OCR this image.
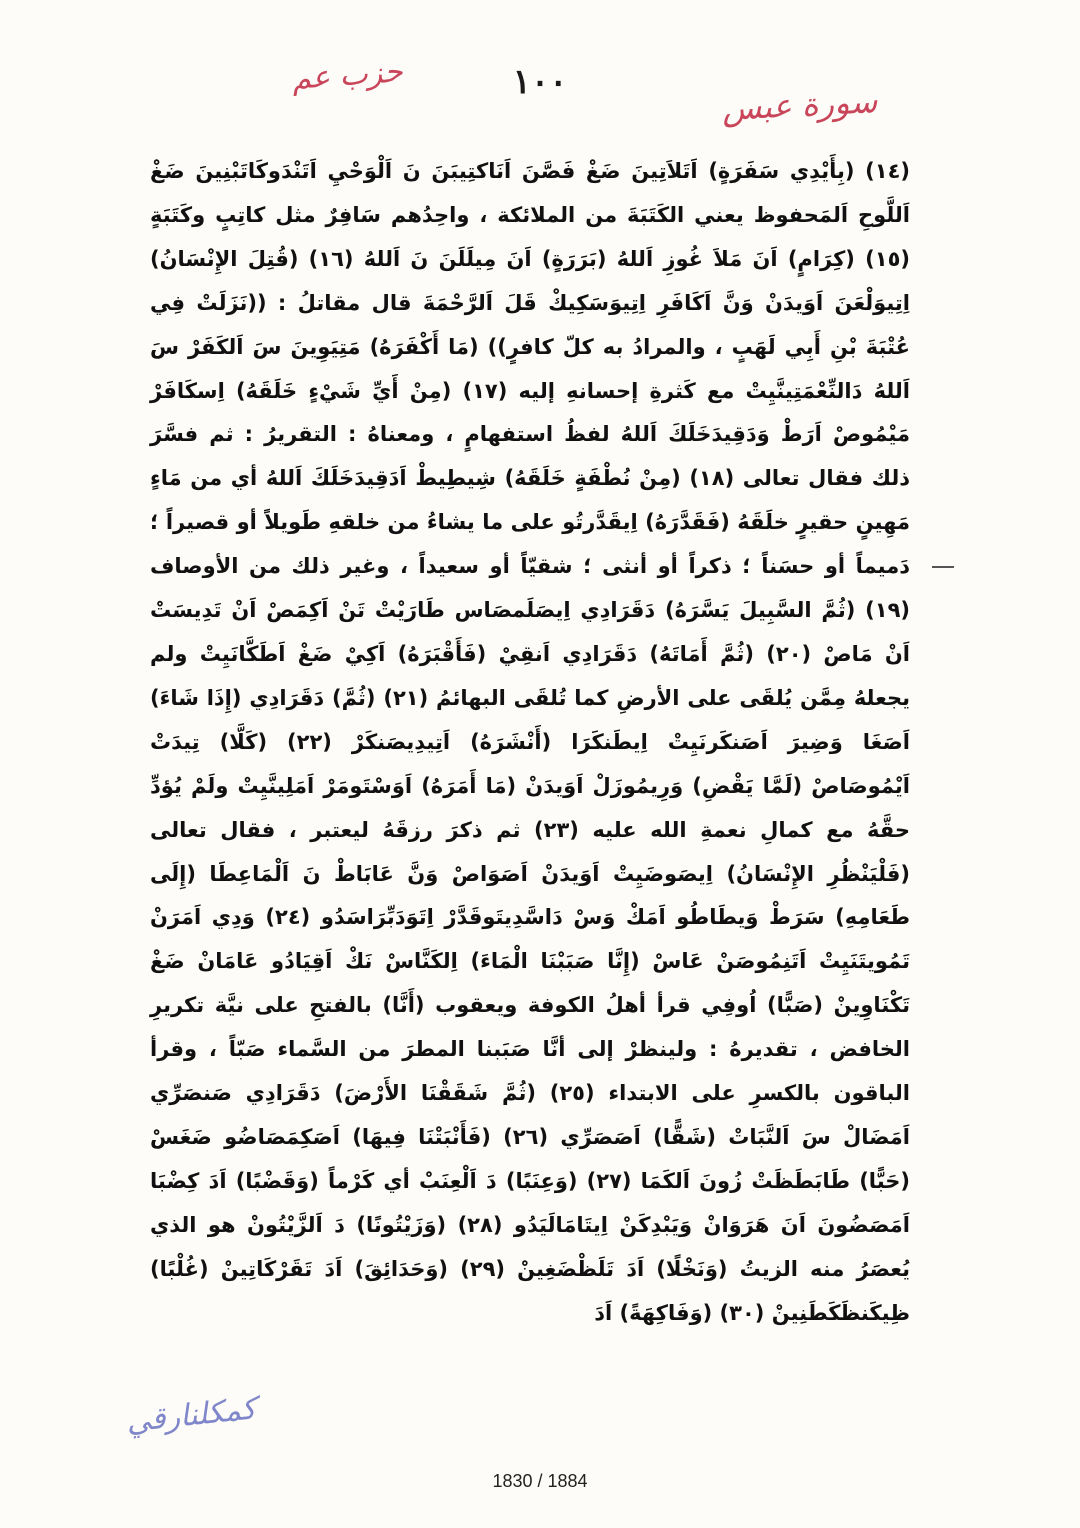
١٠٠
حزب عم
سورة عبس
(١٤) (بِأَيْدِي سَفَرَةٍ) اَتَلاَتِينَ ضَغْ فَصَّنَ اَنَاكتِيبَنَ نَ اَلْوَحْيِ اَتَنْدَوكَاتَبْنِينَ ضَغْ اَللَّوحِ اَلمَحفوظ يعني الكَتَبَةَ من الملائكة ، واحِدُهم سَافِرٌ مثل كاتِبٍ وكَتَبَةٍ (١٥) (كِرَامٍ) اَنَ مَلاَ غُوزِ اَللهُ (بَرَرَةٍ) اَنَ مِيلَلَنَ نَ اَللهُ (١٦) (قُتِلَ الإِنْسَانُ) اِتِيوَلْعَنَ اَوَيدَنْ وَنَّ اَكَافَرِ اِتِيوَسَكِيكْ قَلَ اَلرَّحْمَةَ قال مقاتلُ : ((نَزَلَتْ فِي عُتْبَةَ بْنِ أَبِي لَهَبٍ ، والمرادُ به كلّ كافرٍ)) (مَا أَكْفَرَهُ) مَتِيَوِينَ سَ اَلكَفَرْ سَ اَللهُ دَالنِّعْمَتِينَّيِتْ مع كَثرةِ إحسانهِ إليه (١٧) (مِنْ أَيِّ شَيْءٍ خَلَقَهُ) اِسكَافَرْ مَيْمُوصْ اَرَطْ وَدَقِيدَخَلَكَ اَللهُ لفظُ استفهامٍ ، ومعناهُ : التقريرُ : ثم فسَّرَ ذلك فقال تعالى (١٨) (مِنْ نُطْفَةٍ خَلَقَهُ) شِيطِيطْ اَدَقِيدَخَلَكَ اَللهُ أي من مَاءٍ مَهِينٍ حقيرٍ خلَقَهُ (فَقَدَّرَهُ) اِيقَدَّرتُو على ما يشاءُ من خلقهِ طَويلاً أو قصيراً ؛ دَميماً أو حسَناً ؛ ذكراً أو أنثى ؛ شقيّاً أو سعيداً ، وغير ذلك من الأوصاف (١٩) (ثُمَّ السَّبِيلَ يَسَّرَهُ) دَقَرَادِي اِيصَلَمصَاس طَارَيْتْ تَنْ اَكِمَصْ اَنْ تَدِيسَتْ اَنْ مَاصْ (٢٠) (ثُمَّ أَمَاتَهُ) دَقَرَادِي اَنقِيْ (فَأَقْبَرَهُ) اَكِيْ ضَغْ اَطَكَّانَيِتْ ولم يجعلهُ مِمَّن يُلقَى على الأرضِ كما تُلقَى البهائمُ (٢١) (ثُمَّ) دَقَرَادِي (إِذَا شَاءَ) اَصَغَا وَضِيرَ اَصَنكَرنَيِتْ اِيطَنكَرَا (أَنْشَرَهُ) اَتِيدِيصَنكَرْ (٢٢) (كَلَّا) تِيدَتْ اَيْمُوصَاصْ (لَمَّا يَقْضِ) وَرِيمُوزَلْ اَوَيدَنْ (مَا أَمَرَهُ) اَوَسْتَومَرْ اَمَلِينَّيِتْ ولَمْ يُؤدِّ حقَّهُ مع كمالِ نعمةِ الله عليه (٢٣) ثم ذكرَ رزقَهُ ليعتبر ، فقال تعالى (فَلْيَنْظُرِ الإِنْسَانُ) اِيصَوضَيِتْ اَوَيدَنْ اَصَوَاصْ وَنَّ عَابَاطْ نَ اَلْمَاعِطَا (إِلَى طَعَامِهِ) سَرَطْ وَيطَاطُو اَمَكْ وَسْ دَاسَّدِيتَوقَدَّرْ اِتَوَدَبِّرَاسَدُو (٢٤) وَدِي اَمَرَنْ تَمُويتَنَيِتْ اَتَنِمُوصَنْ عَاسْ (إِنَّا صَبَبْنَا الْمَاءَ) اِلكَنَّاسْ نَكْ اَقِيَادُو عَامَانْ ضَغْ تَكْنَاوِينْ (صَبًّا) اُوفِي قرأ أهلُ الكوفة ويعقوب (أَنَّا) بالفتحِ على نيَّة تكريرِ الخافض ، تقديرهُ : ولينظرْ إلى أنَّا صَبَبنا المطرَ من السَّماء صَبّاً ، وقرأ الباقون بالكسرِ على الابتداء (٢٥) (ثُمَّ شَقَقْنَا الأَرْضَ) دَقَرَادِي صَنصَرِّي اَمَضَالْ سَ اَلنَّبَاتْ (شَقًّا) اَصَصَرِّي (٢٦) (فَأَنْبَتْنَا فِيهَا) اَصَكِمَصَاضُو ضَغَسْ (حَبًّا) طَابَطَظَتْ زُونَ اَلكَمَا (٢٧) (وَعِنَبًا) دَ اَلْعِنَبْ أي كَرْماً (وَقَضْبًا) اَدَ كِضْبَا اَمَصَضُونَ اَنَ هَرَوَانْ وَيَبْدِكَنْ اِيتَامَالَيَدُو (٢٨) (وَزَيْتُونًا) دَ اَلزَّيْتُونْ هو الذي يُعصَرُ منه الزيتُ (وَنَخْلًا) اَدَ تَلَظْضَغِينْ (٢٩) (وَحَدَائِقَ) اَدَ تَقَرْكَاتِينْ (غُلْبًا) ظِيكَنظَكَطَنِينْ (٣٠) (وَفَاكِهَةً) اَدَ
كمكلنارقي
1830 / 1884
